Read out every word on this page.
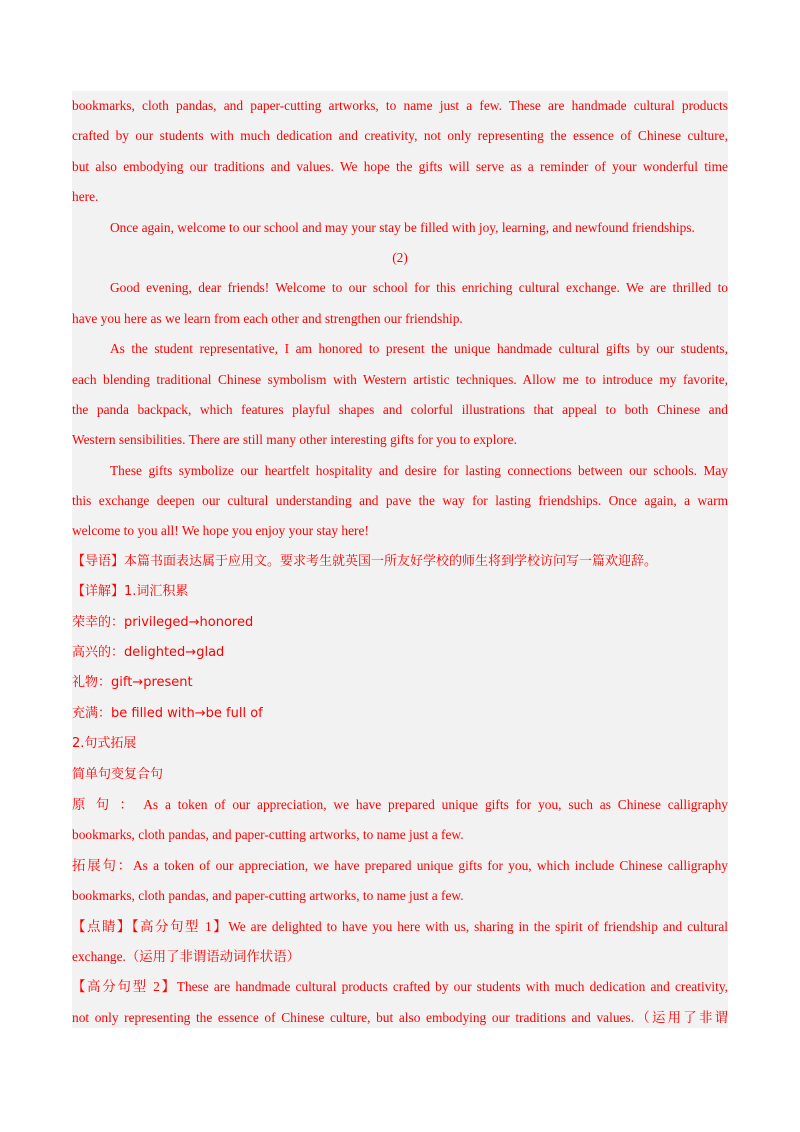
bookmarks, cloth pandas, and paper-cutting artworks, to name just a few. These are handmade cultural products
crafted by our students with much dedication and creativity, not only representing the essence of Chinese culture,
but also embodying our traditions and values. We hope the gifts will serve as a reminder of your wonderful time
here.
Once again, welcome to our school and may your stay be filled with joy, learning, and newfound friendships.
(2)
Good evening, dear friends! Welcome to our school for this enriching cultural exchange. We are thrilled to
have you here as we learn from each other and strengthen our friendship.
As the student representative, I am honored to present the unique handmade cultural gifts by our students,
each blending traditional Chinese symbolism with Western artistic techniques. Allow me to introduce my favorite,
the panda backpack, which features playful shapes and colorful illustrations that appeal to both Chinese and
Western sensibilities. There are still many other interesting gifts for you to explore.
These gifts symbolize our heartfelt hospitality and desire for lasting connections between our schools. May
this exchange deepen our cultural understanding and pave the way for lasting friendships. Once again, a warm
welcome to you all! We hope you enjoy your stay here!
【导语】本篇书面表达属于应用文。要求考生就英国一所友好学校的师生将到学校访问写一篇欢迎辞。
【详解】1.词汇积累
荣幸的：privileged→honored
高兴的：delighted→glad
礼物：gift→present
充满：be filled with→be full of
2.句式拓展
简单句变复合句
原 句 ： As a token of our appreciation, we have prepared unique gifts for you, such as Chinese calligraphy
bookmarks, cloth pandas, and paper-cutting artworks, to name just a few.
拓展句：As a token of our appreciation, we have prepared unique gifts for you, which include Chinese calligraphy
bookmarks, cloth pandas, and paper-cutting artworks, to name just a few.
【点睛】【高分句型 1】We are delighted to have you here with us, sharing in the spirit of friendship and cultural
exchange.（运用了非谓语动词作状语）
【高分句型 2】These are handmade cultural products crafted by our students with much dedication and creativity,
not only representing the essence of Chinese culture, but also embodying our traditions and values.（运用了非谓
